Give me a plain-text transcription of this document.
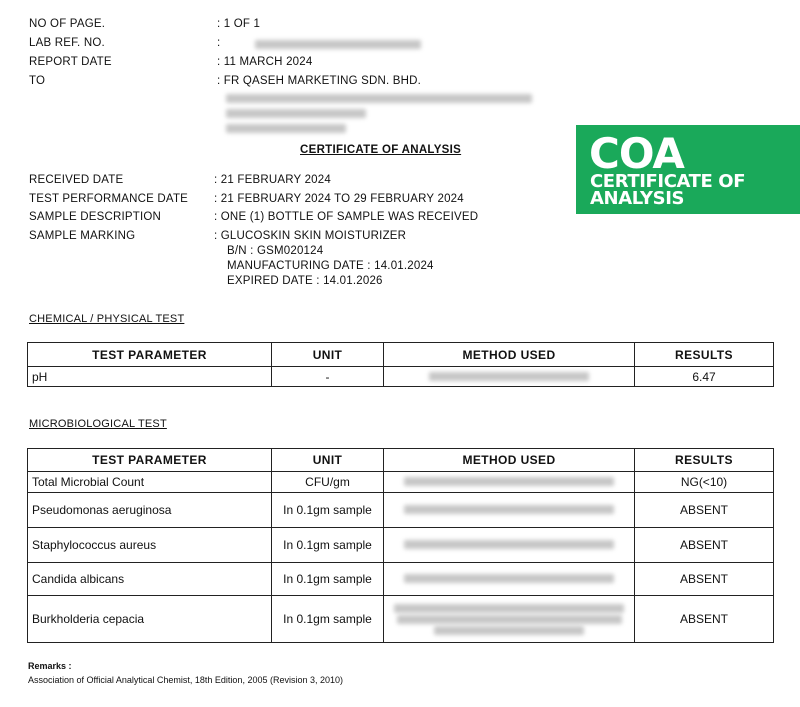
NO OF PAGE.	: 1 OF 1
LAB REF. NO.	:
REPORT DATE	: 11 MARCH 2024
TO	: FR QASEH MARKETING SDN. BHD.
CERTIFICATE OF ANALYSIS	COA
CERTIFICATE OF
ANALYSIS
RECEIVED DATE	: 21 FEBRUARY 2024
TEST PERFORMANCE DATE : 21 FEBRUARY 2024 TO 29 FEBRUARY 2024
SAMPLE DESCRIPTION	: ONE (1) BOTTLE OF SAMPLE WAS RECEIVED
SAMPLE MARKING	: GLUCOSKIN SKIN MOISTURIZER
B/N : GSM020124
MANUFACTURING DATE : 14.01.2024
EXPIRED DATE : 14.01.2026
CHEMICAL / PHYSICAL TEST
TEST PARAMETER	UNIT	METHOD USED	RESULTS
pH	-		6.47
MICROBIOLOGICAL TEST
TEST PARAMETER	UNIT	METHOD USED	RESULTS
Total Microbial Count	CFU/gm		NG(<10)
Pseudomonas aeruginosa	In 0.1gm sample		ABSENT
Staphylococcus aureus	In 0.1gm sample		ABSENT
Candida albicans	In 0.1gm sample		ABSENT
Burkholderia cepacia	In 0.1gm sample		ABSENT
Remarks :
Association of Official Analytical Chemist, 18th Edition, 2005 (Revision 3, 2010)
